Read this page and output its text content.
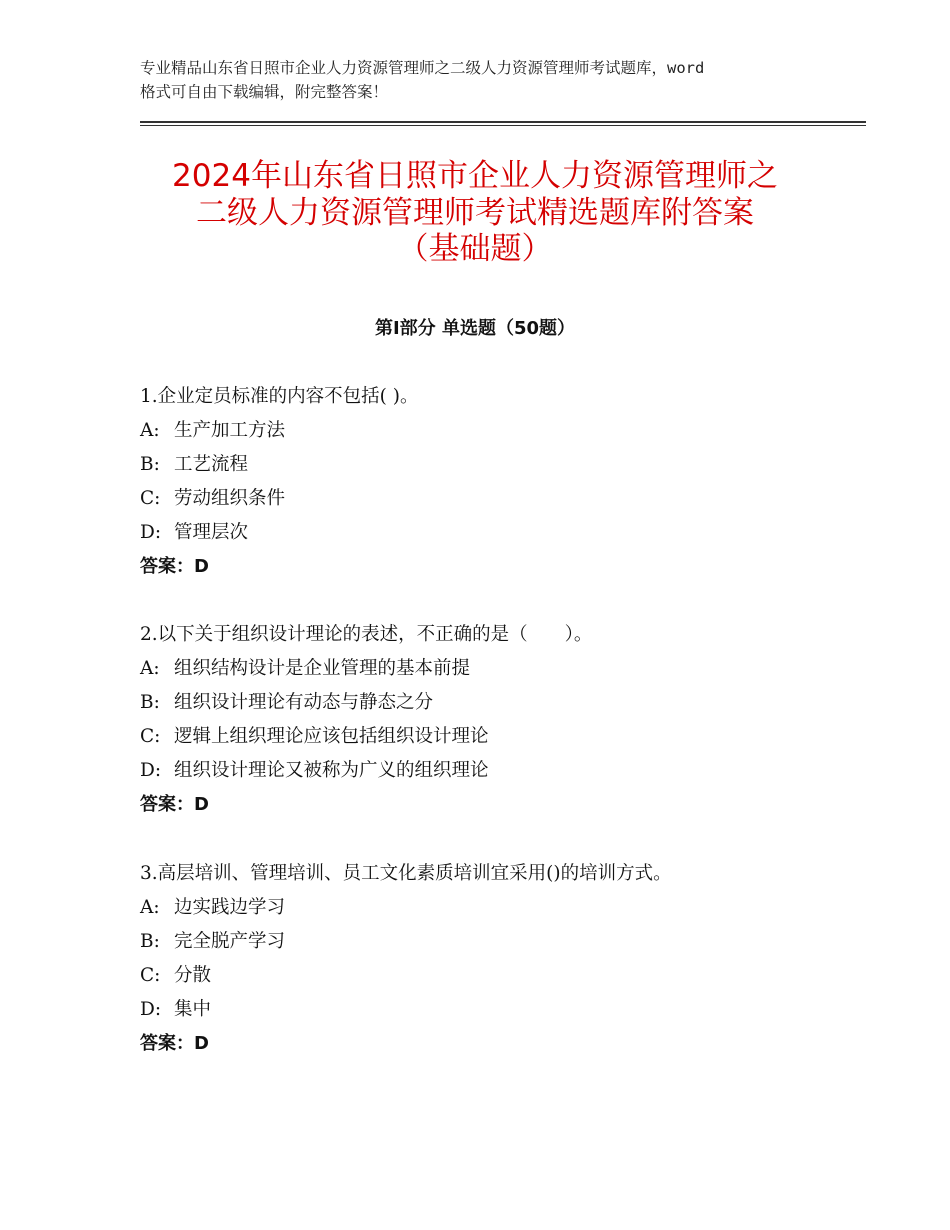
专业精品山东省日照市企业人力资源管理师之二级人力资源管理师考试题库，word
格式可自由下载编辑，附完整答案！
2024年山东省日照市企业人力资源管理师之
二级人力资源管理师考试精选题库附答案
（基础题）
第Ⅰ部分 单选题（50题）
1.企业定员标准的内容不包括( )。
A: 生产加工方法
B: 工艺流程
C: 劳动组织条件
D: 管理层次
答案：D
2.以下关于组织设计理论的表述，不正确的是（　　）。
A: 组织结构设计是企业管理的基本前提
B: 组织设计理论有动态与静态之分
C: 逻辑上组织理论应该包括组织设计理论
D: 组织设计理论又被称为广义的组织理论
答案：D
3.高层培训、管理培训、员工文化素质培训宜采用()的培训方式。
A: 边实践边学习
B: 完全脱产学习
C: 分散
D: 集中
答案：D
